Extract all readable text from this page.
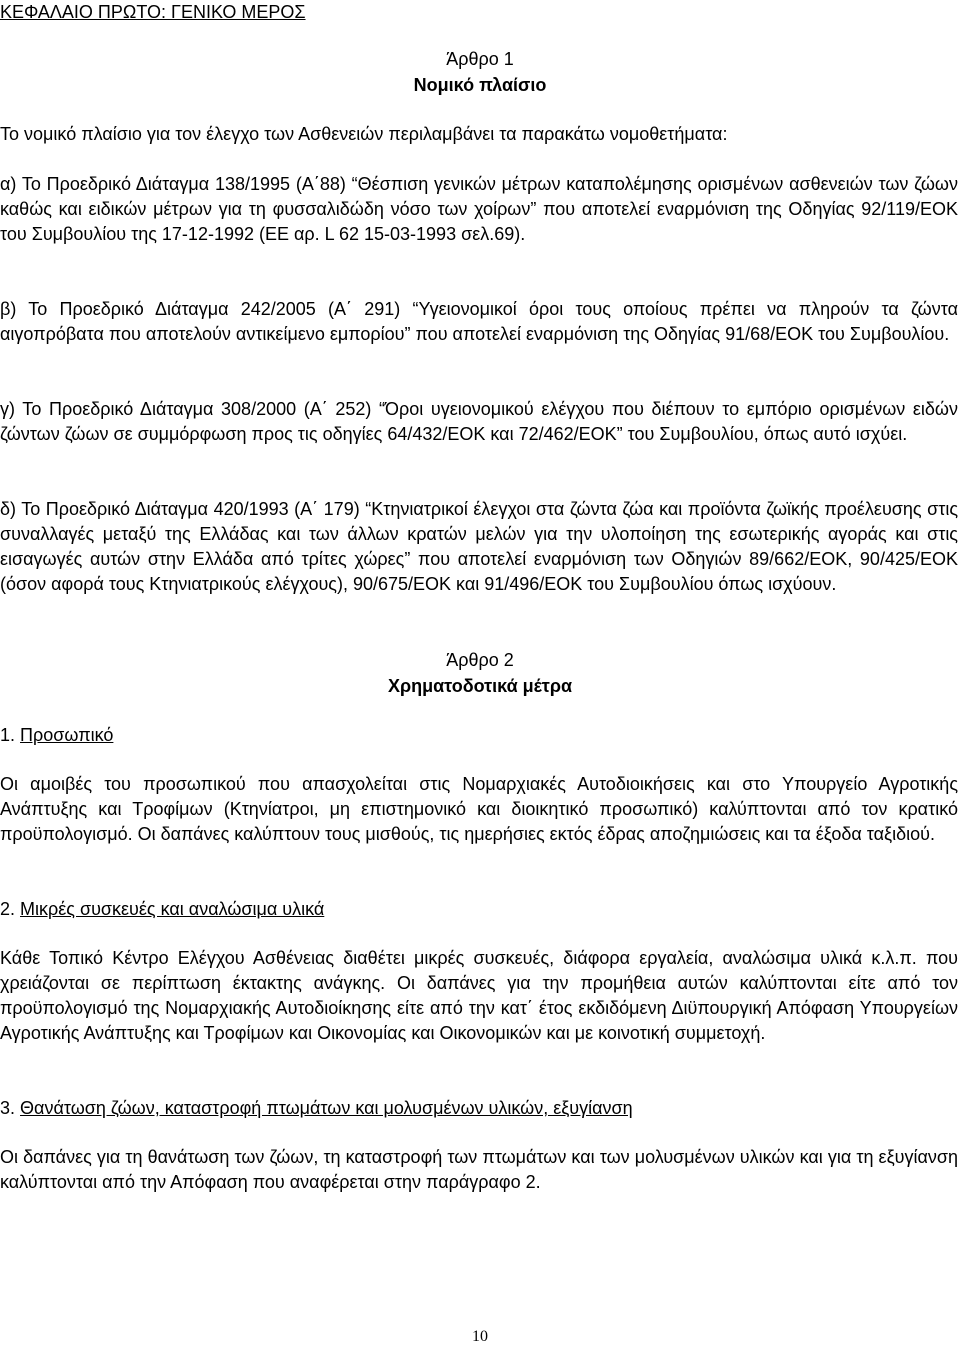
ΚΕΦΑΛΑΙΟ ΠΡΩΤΟ: ΓΕΝΙΚΟ ΜΕΡΟΣ
Άρθρο 1
Νομικό πλαίσιο
Το νομικό πλαίσιο για τον έλεγχο των Ασθενειών περιλαμβάνει τα παρακάτω νομοθετήματα:
α) Το Προεδρικό Διάταγμα 138/1995 (Α΄88) “Θέσπιση γενικών μέτρων καταπολέμησης ορισμένων ασθενειών των ζώων καθώς και ειδικών μέτρων για τη φυσσαλιδώδη νόσο των χοίρων” που αποτελεί εναρμόνιση της Οδηγίας 92/119/ΕΟΚ του Συμβουλίου της 17-12-1992 (ΕΕ αρ. L 62 15-03-1993 σελ.69).
β) Το Προεδρικό Διάταγμα 242/2005 (Α΄ 291) “Υγειονομικοί όροι τους οποίους πρέπει να πληρούν τα ζώντα αιγοπρόβατα που αποτελούν αντικείμενο εμπορίου” που αποτελεί εναρμόνιση της Οδηγίας 91/68/ΕΟΚ του Συμβουλίου.
γ) Το Προεδρικό Διάταγμα 308/2000 (Α΄ 252) “Όροι υγειονομικού ελέγχου που διέπουν το εμπόριο ορισμένων ειδών ζώντων ζώων σε συμμόρφωση προς τις οδηγίες 64/432/ΕΟΚ και 72/462/ΕΟΚ” του Συμβουλίου, όπως αυτό ισχύει.
δ) Το Προεδρικό Διάταγμα 420/1993 (Α΄ 179) “Κτηνιατρικοί έλεγχοι στα ζώντα ζώα και προϊόντα ζωϊκής προέλευσης στις συναλλαγές μεταξύ της Ελλάδας και των άλλων κρατών μελών για την υλοποίηση της εσωτερικής αγοράς και στις εισαγωγές αυτών στην Ελλάδα από τρίτες χώρες” που αποτελεί εναρμόνιση των Οδηγιών 89/662/ΕΟΚ, 90/425/ΕΟΚ (όσον αφορά τους Κτηνιατρικούς ελέγχους), 90/675/ΕΟΚ και 91/496/ΕΟΚ του Συμβουλίου όπως ισχύουν.
Άρθρο 2
Χρηματοδοτικά μέτρα
1. Προσωπικό
Οι αμοιβές του προσωπικού που απασχολείται στις Νομαρχιακές Αυτοδιοικήσεις και στο Υπουργείο Αγροτικής Ανάπτυξης και Τροφίμων (Κτηνίατροι, μη επιστημονικό και διοικητικό προσωπικό) καλύπτονται από τον κρατικό προϋπολογισμό. Οι δαπάνες καλύπτουν τους μισθούς, τις ημερήσιες εκτός έδρας αποζημιώσεις και τα έξοδα ταξιδιού.
2. Μικρές συσκευές και αναλώσιμα υλικά
Κάθε Τοπικό Κέντρο Ελέγχου Ασθένειας διαθέτει μικρές συσκευές, διάφορα εργαλεία, αναλώσιμα υλικά κ.λ.π. που χρειάζονται σε περίπτωση έκτακτης ανάγκης. Οι δαπάνες για την προμήθεια αυτών καλύπτονται είτε από τον προϋπολογισμό της Νομαρχιακής Αυτοδιοίκησης είτε από την κατ΄ έτος εκδιδόμενη Διϋπουργική Απόφαση Υπουργείων Αγροτικής Ανάπτυξης και Τροφίμων και Οικονομίας και Οικονομικών και με κοινοτική συμμετοχή.
3. Θανάτωση ζώων, καταστροφή πτωμάτων και μολυσμένων υλικών, εξυγίανση
Οι δαπάνες για τη θανάτωση των ζώων, τη καταστροφή των πτωμάτων και των μολυσμένων υλικών και για τη εξυγίανση καλύπτονται από την Απόφαση που αναφέρεται στην παράγραφο 2.
10
